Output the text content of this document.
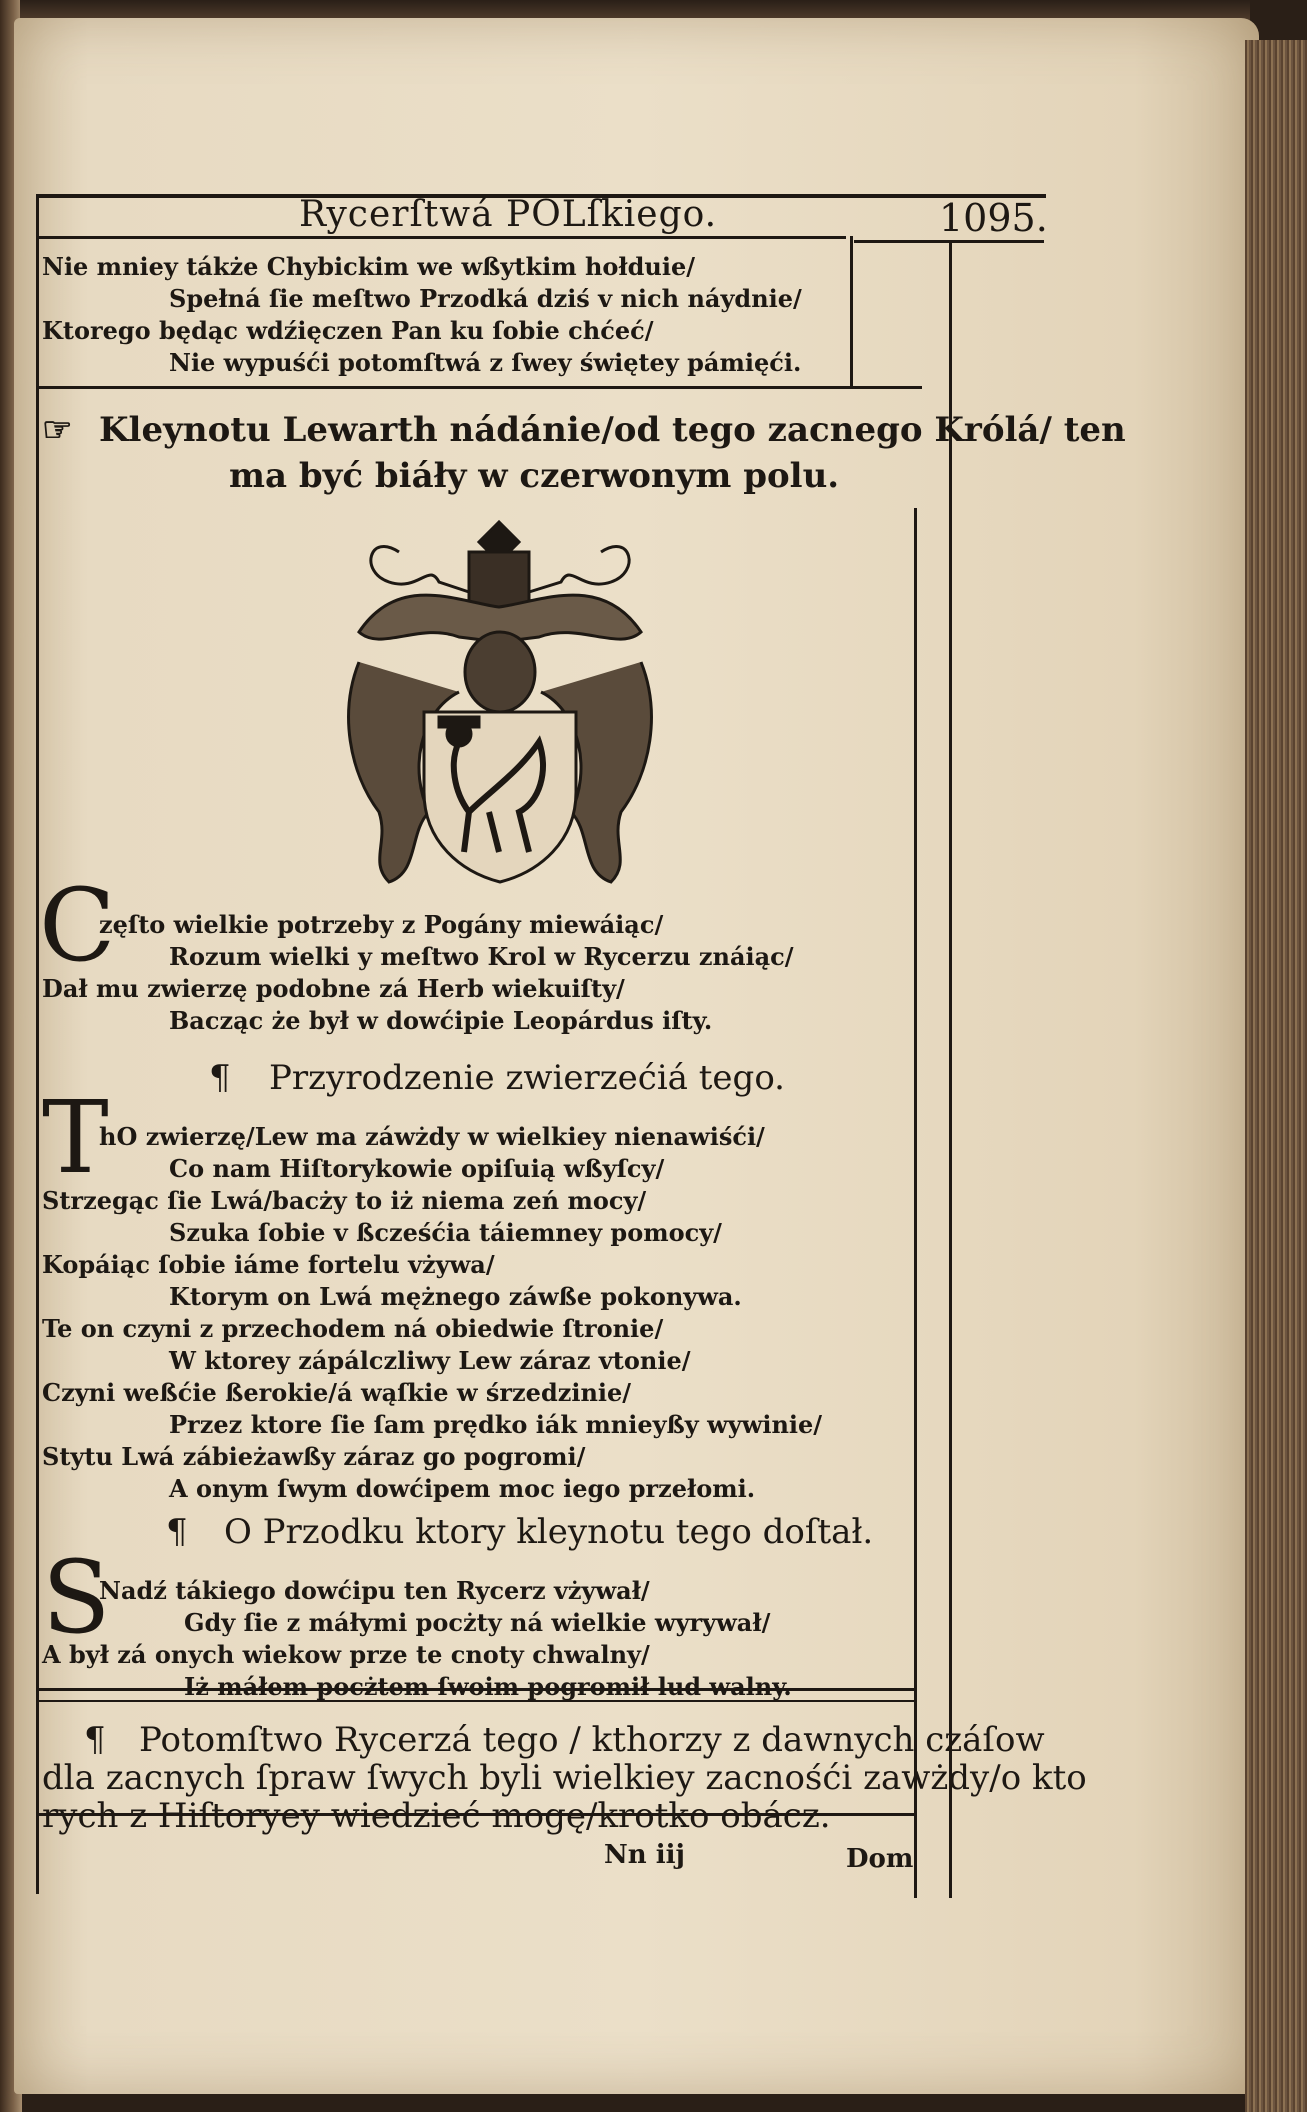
Rycerſtwá POLſkiego.	1095.
Nie mniey tákże Chybickim we wßytkim hołduie/
Spełná ſie meſtwo Przodká dziś v nich náydnie/
Ktorego będąc wdźięczen Pan ku ſobie chćeć/
Nie wypuśći potomſtwá z ſwey świętey pámięći.
☞ Kleynotu Lewarth nádánie/od tego zacnego Królá/ ten
ma być biáły w czerwonym polu.
C
zęſto wielkie potrzeby z Pogány miewáiąc/
Rozum wielki y meſtwo Krol w Rycerzu znáiąc/
Dał mu zwierzę podobne zá Herb wiekuiſty/
Bacząc że był w dowćipie Leopárdus iſty.
¶ Przyrodzenie zwierzećiá tego.
T
hO zwierzę/Lew ma záwżdy w wielkiey nienawiśći/
Co nam Hiſtorykowie opiſuią wßyſcy/
Strzegąc ſie Lwá/bacży to iż niema zeń mocy/
Szuka ſobie v ßcześćia táiemney pomocy/
Kopáiąc ſobie iáme fortelu vżywa/
Ktorym on Lwá mężnego záwße pokonywa.
Te on czyni z przechodem ná obiedwie ſtronie/
W ktorey zápálczliwy Lew záraz vtonie/
Czyni weßćie ßerokie/á wąſkie w śrzedzinie/
Przez ktore ſie ſam prędko iák mnieyßy wywinie/
Stytu Lwá zábieżawßy záraz go pogromi/
A onym ſwym dowćipem moc iego przełomi.
¶ O Przodku ktory kleynotu tego doſtał.
S
Nadź tákiego dowćipu ten Rycerz vżywał/
Gdy ſie z máłymi pocżty ná wielkie wyrywał/
A był zá onych wiekow prze te cnoty chwalny/
Iż máłem pocżtem ſwoim pogromił lud walny.
¶ Potomſtwo Rycerzá tego / kthorzy z dawnych czáſow
dla zacnych ſpraw ſwych byli wielkiey zacnośći zawżdy/o kto
rych z Hiſtoryey wiedzieć mogę/krotko obácz.
Nn iij	Dom
